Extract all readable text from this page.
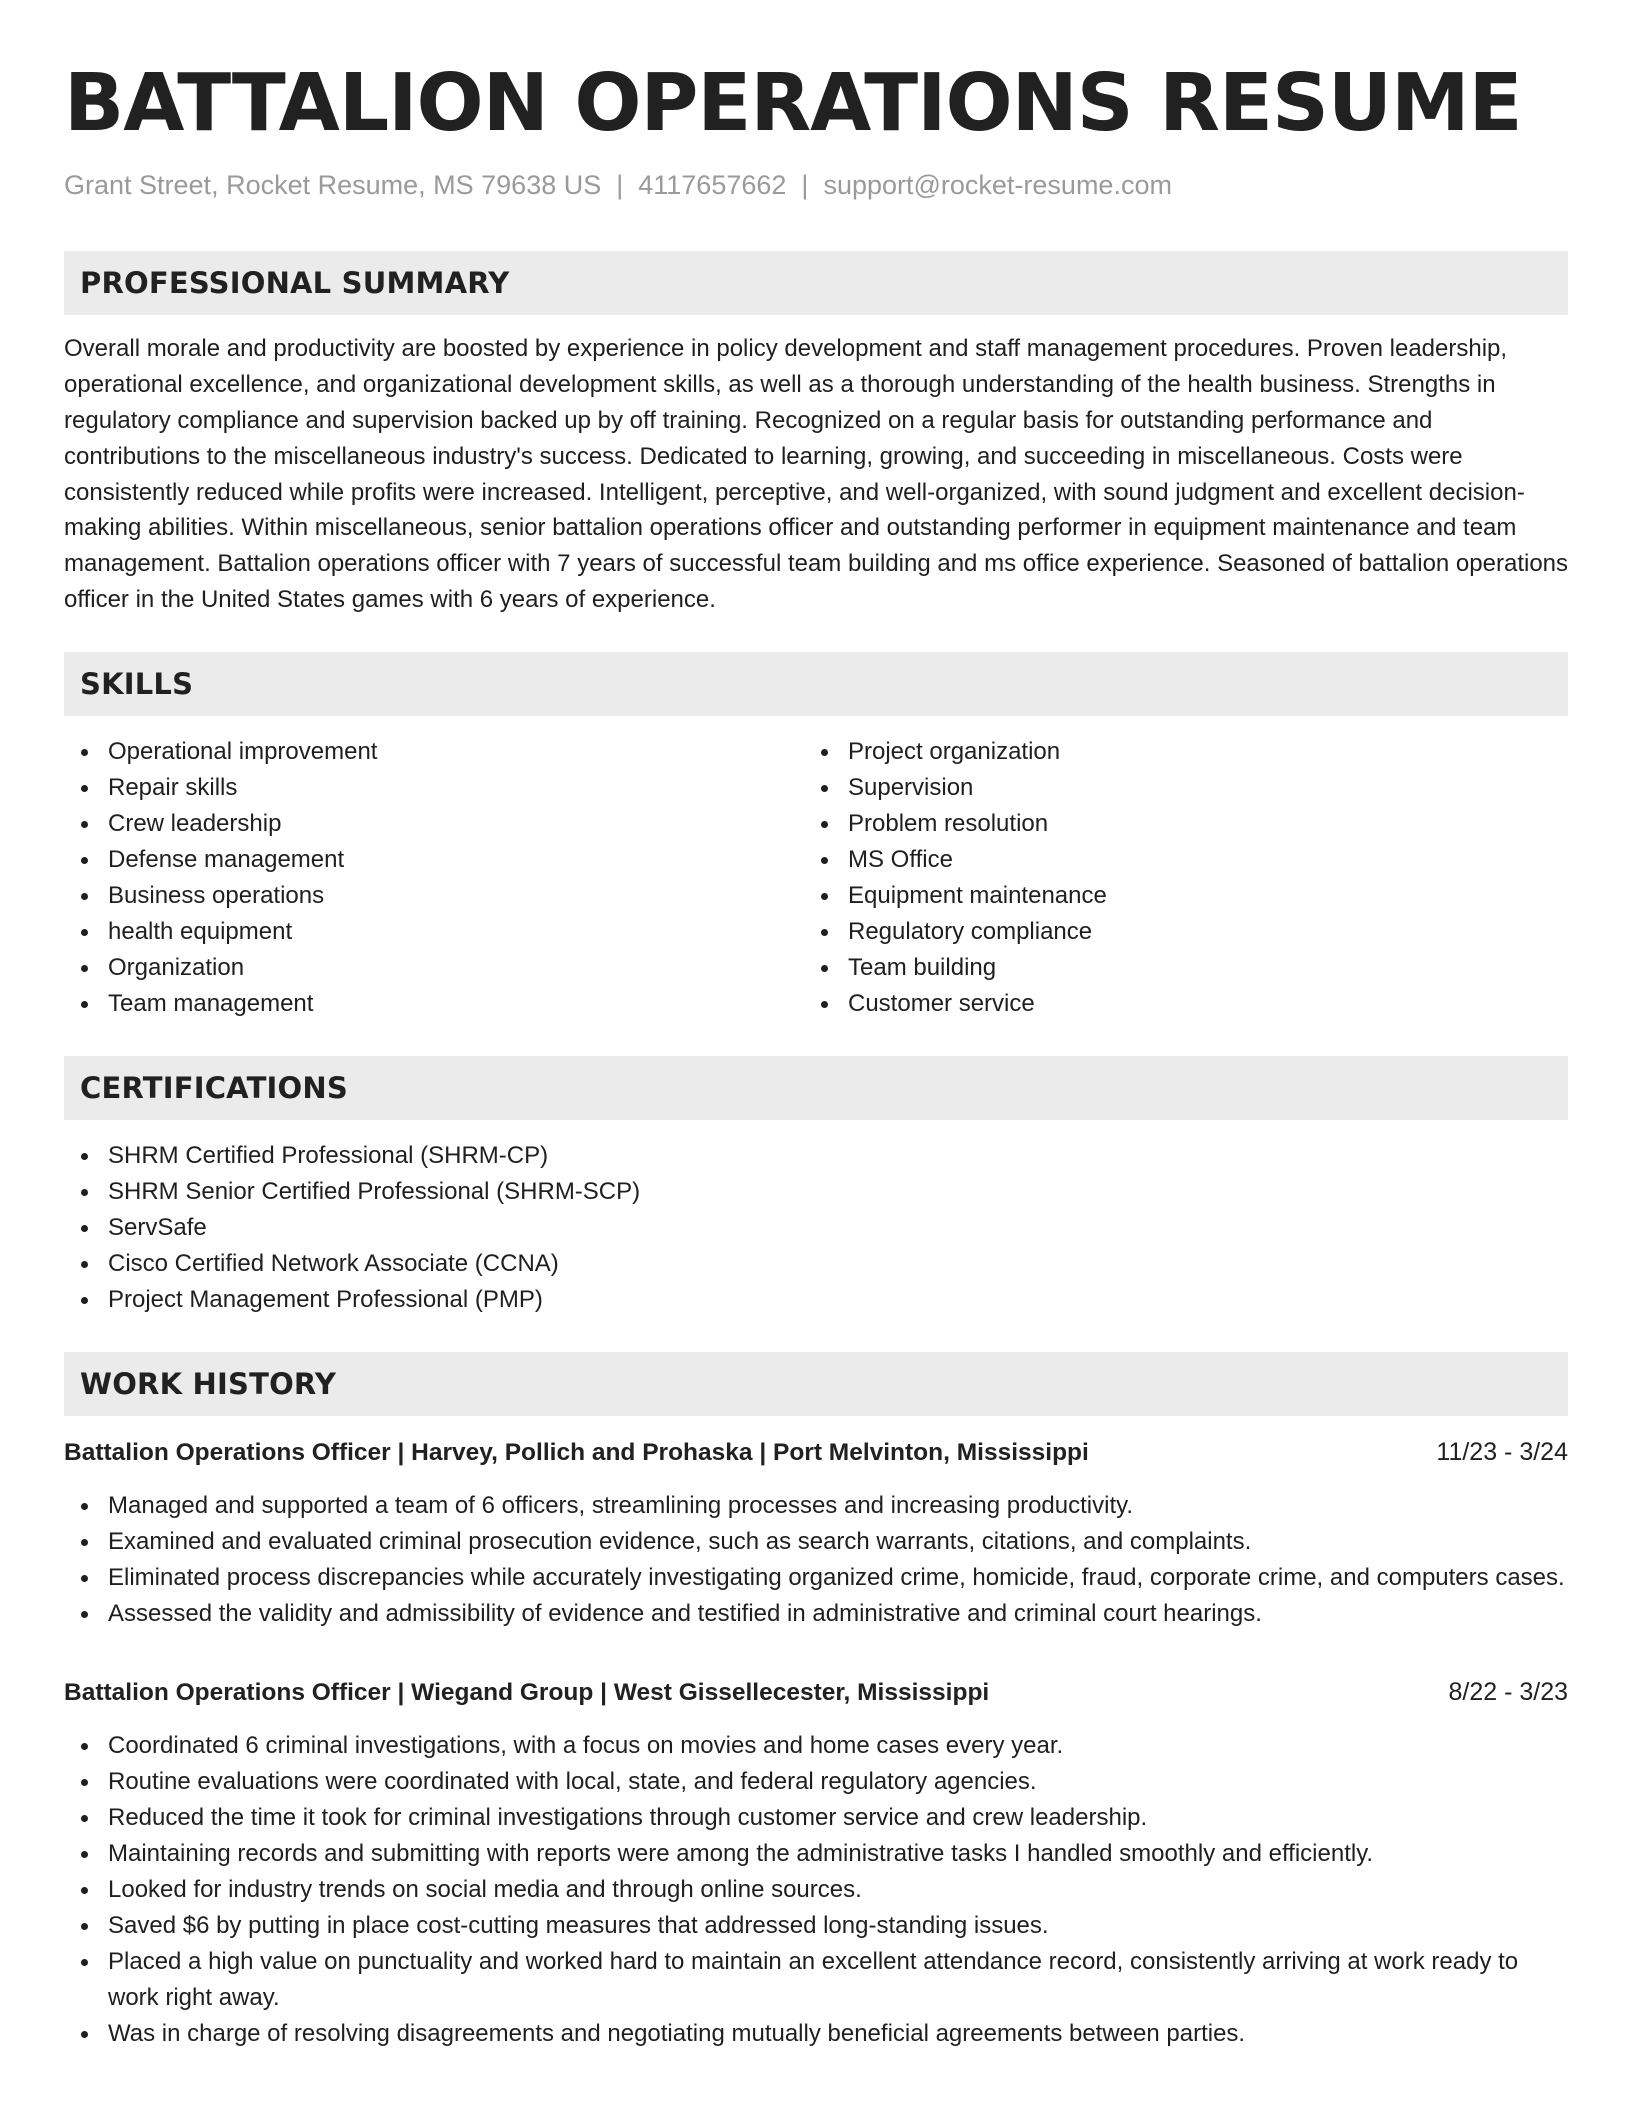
BATTALION OPERATIONS RESUME
Grant Street, Rocket Resume, MS 79638 US | 4117657662 | support@rocket-resume.com
PROFESSIONAL SUMMARY

Overall morale and productivity are boosted by experience in policy development and staff management procedures. Proven leadership, operational excellence, and organizational development skills, as well as a thorough understanding of the health business. Strengths in regulatory compliance and supervision backed up by off training. Recognized on a regular basis for outstanding performance and contributions to the miscellaneous industry's success. Dedicated to learning, growing, and succeeding in miscellaneous. Costs were consistently reduced while profits were increased. Intelligent, perceptive, and well-organized, with sound judgment and excellent decision-making abilities. Within miscellaneous, senior battalion operations officer and outstanding performer in equipment maintenance and team management. Battalion operations officer with 7 years of successful team building and ms office experience. Seasoned of battalion operations officer in the United States games with 6 years of experience.

SKILLS
Operational improvement
Repair skills
Crew leadership
Defense management
Business operations
health equipment
Organization
Team management
Project organization
Supervision
Problem resolution
MS Office
Equipment maintenance
Regulatory compliance
Team building
Customer service
CERTIFICATIONS
SHRM Certified Professional (SHRM-CP)
SHRM Senior Certified Professional (SHRM-SCP)
ServSafe
Cisco Certified Network Associate (CCNA)
Project Management Professional (PMP)
WORK HISTORY
Battalion Operations Officer | Harvey, Pollich and Prohaska | Port Melvinton, Mississippi	11/23 - 3/24
Managed and supported a team of 6 officers, streamlining processes and increasing productivity.
Examined and evaluated criminal prosecution evidence, such as search warrants, citations, and complaints.
Eliminated process discrepancies while accurately investigating organized crime, homicide, fraud, corporate crime, and computers cases.
Assessed the validity and admissibility of evidence and testified in administrative and criminal court hearings.
Battalion Operations Officer | Wiegand Group | West Gissellecester, Mississippi	8/22 - 3/23
Coordinated 6 criminal investigations, with a focus on movies and home cases every year.
Routine evaluations were coordinated with local, state, and federal regulatory agencies.
Reduced the time it took for criminal investigations through customer service and crew leadership.
Maintaining records and submitting with reports were among the administrative tasks I handled smoothly and efficiently.
Looked for industry trends on social media and through online sources.
Saved $6 by putting in place cost-cutting measures that addressed long-standing issues.
Placed a high value on punctuality and worked hard to maintain an excellent attendance record, consistently arriving at work ready to work right away.
Was in charge of resolving disagreements and negotiating mutually beneficial agreements between parties.
